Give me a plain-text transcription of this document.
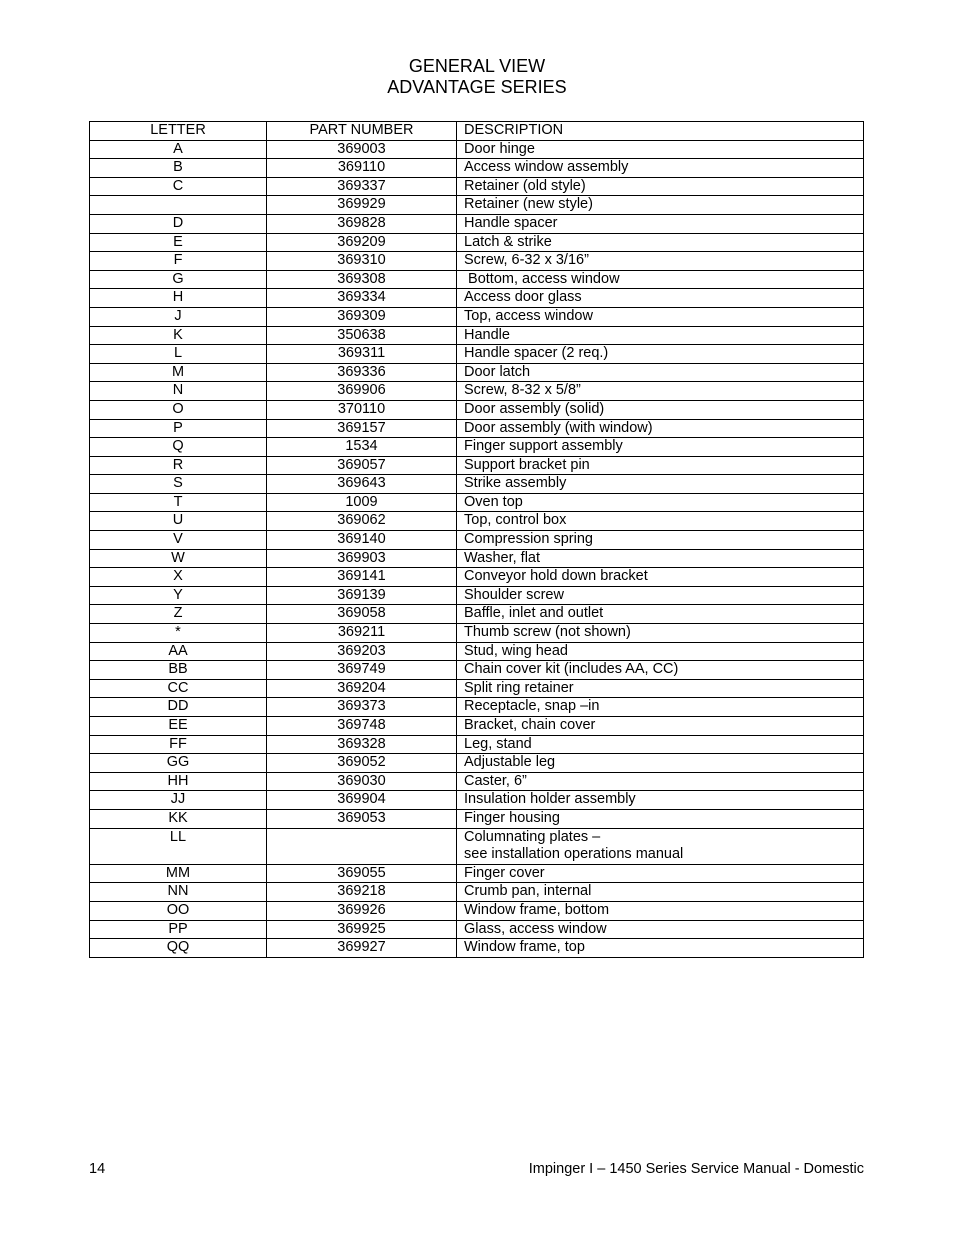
GENERAL VIEW
ADVANTAGE SERIES
LETTER	PART NUMBER	DESCRIPTION
A	369003	Door hinge

B	369110	Access window assembly

C	369337	Retainer (old style)

	369929	Retainer (new style)

D	369828	Handle spacer

E	369209	Latch & strike

F	369310	Screw, 6-32 x 3/16”

G	369308	Bottom, access window

H	369334	Access door glass

J	369309	Top, access window

K	350638	Handle

L	369311	Handle spacer (2 req.)

M	369336	Door latch

N	369906	Screw, 8-32 x 5/8”

O	370110	Door assembly (solid)

P	369157	Door assembly (with window)

Q	1534	Finger support assembly

R	369057	Support bracket pin

S	369643	Strike assembly

T	1009	Oven top

U	369062	Top, control box

V	369140	Compression spring

W	369903	Washer, flat

X	369141	Conveyor hold down bracket

Y	369139	Shoulder screw

Z	369058	Baffle, inlet and outlet

*	369211	Thumb screw (not shown)

AA	369203	Stud, wing head

BB	369749	Chain cover kit (includes AA, CC)

CC	369204	Split ring retainer

DD	369373	Receptacle, snap –in

EE	369748	Bracket, chain cover

FF	369328	Leg, stand

GG	369052	Adjustable leg

HH	369030	Caster, 6”

JJ	369904	Insulation holder assembly

KK	369053	Finger housing

LL		Columnating plates –
see installation operations manual

MM	369055	Finger cover

NN	369218	Crumb pan, internal

OO	369926	Window frame, bottom

PP	369925	Glass, access window

QQ	369927	Window frame, top
14	Impinger I – 1450 Series Service Manual - Domestic
